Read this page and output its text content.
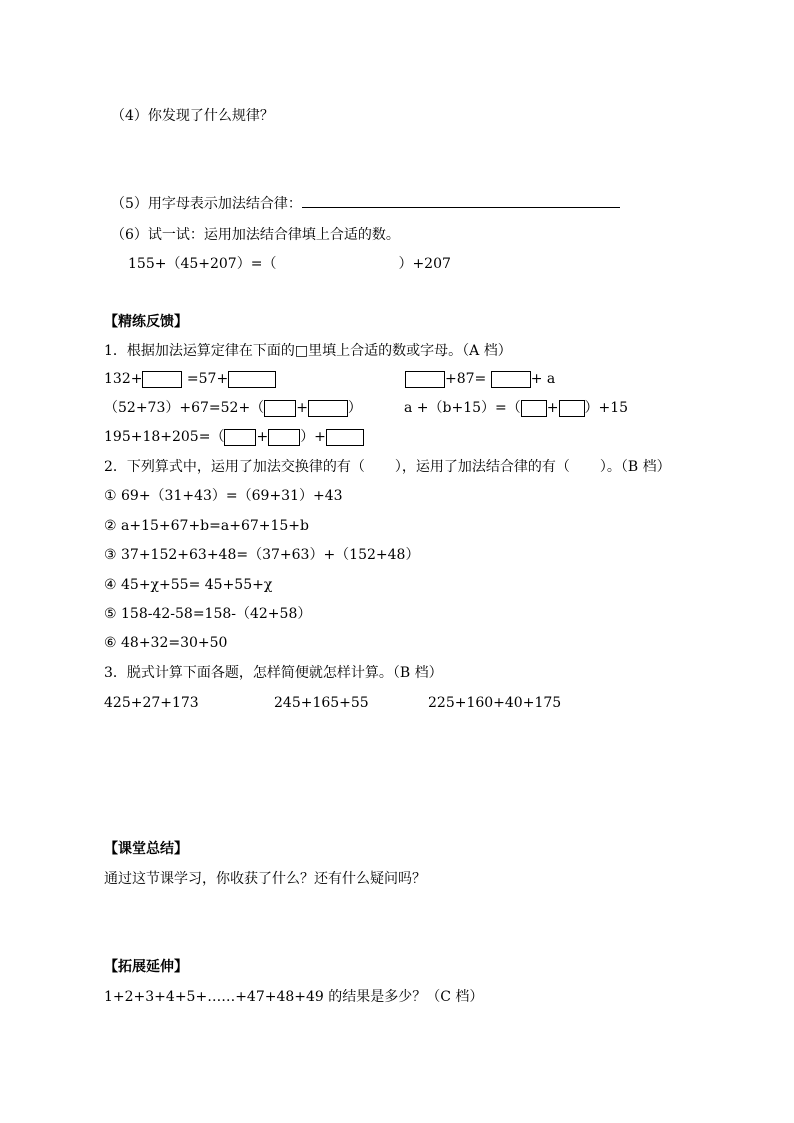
（4）你发现了什么规律？
（5）用字母表示加法结合律：
（6）试一试：运用加法结合律填上合适的数。
155+（45+207）=（	）+207
【精练反馈】
1．根据加法运算定律在下面的□里填上合适的数或字母。（A 档）
132+	=57+	+87=	+ a
（52+73）+67=52+（ +	）	a +（b+15）=（ + ）+15
195+18+205=（ + ）+
2．下列算式中，运用了加法交换律的有（ ），运用了加法结合律的有（ ）。（B 档）
① 69+（31+43）=（69+31）+43
② a+15+67+b=a+67+15+b
③ 37+152+63+48=（37+63）+（152+48）
④ 45+χ+55= 45+55+χ
⑤ 158-42-58=158-（42+58）
⑥ 48+32=30+50
3．脱式计算下面各题，怎样简便就怎样计算。（B 档）
425+27+173	245+165+55	225+160+40+175
【课堂总结】
通过这节课学习，你收获了什么？还有什么疑问吗？
【拓展延伸】
1+2+3+4+5+……+47+48+49 的结果是多少？（C 档）
